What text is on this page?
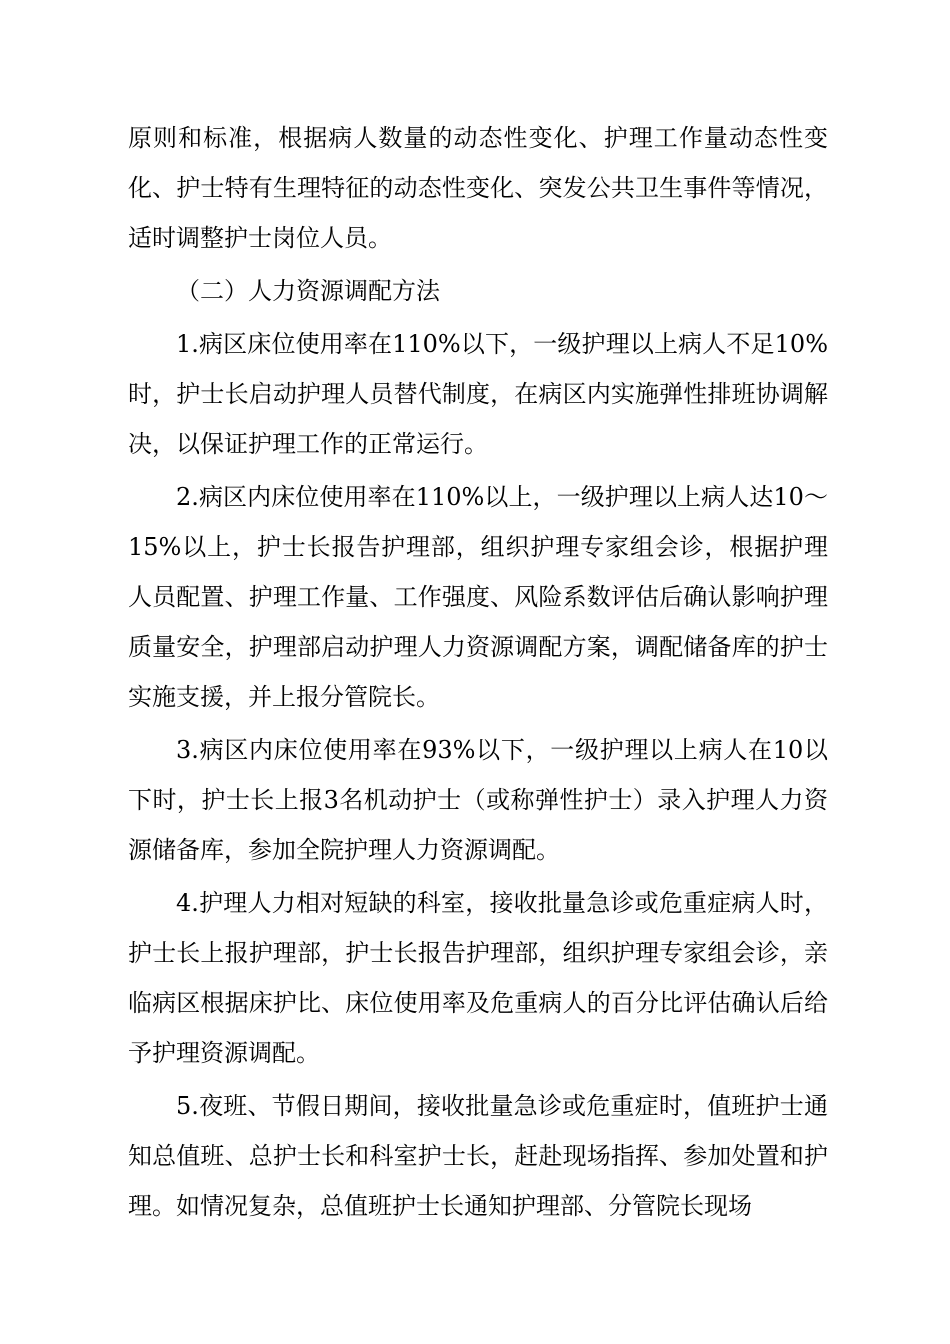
原则和标准，根据病人数量的动态性变化、护理工作量动态性变化、护士特有生理特征的动态性变化、突发公共卫生事件等情况，适时调整护士岗位人员。

（二）人力资源调配方法

1.病区床位使用率在110%以下，一级护理以上病人不足10%时，护士长启动护理人员替代制度，在病区内实施弹性排班协调解决，以保证护理工作的正常运行。

2.病区内床位使用率在110%以上，一级护理以上病人达10～15%以上，护士长报告护理部，组织护理专家组会诊，根据护理人员配置、护理工作量、工作强度、风险系数评估后确认影响护理质量安全，护理部启动护理人力资源调配方案，调配储备库的护士实施支援，并上报分管院长。

3.病区内床位使用率在93%以下，一级护理以上病人在10以下时，护士长上报3名机动护士（或称弹性护士）录入护理人力资源储备库，参加全院护理人力资源调配。

4.护理人力相对短缺的科室，接收批量急诊或危重症病人时，护士长上报护理部，护士长报告护理部，组织护理专家组会诊，亲临病区根据床护比、床位使用率及危重病人的百分比评估确认后给予护理资源调配。

5.夜班、节假日期间，接收批量急诊或危重症时，值班护士通知总值班、总护士长和科室护士长，赶赴现场指挥、参加处置和护理。如情况复杂，总值班护士长通知护理部、分管院长现场
